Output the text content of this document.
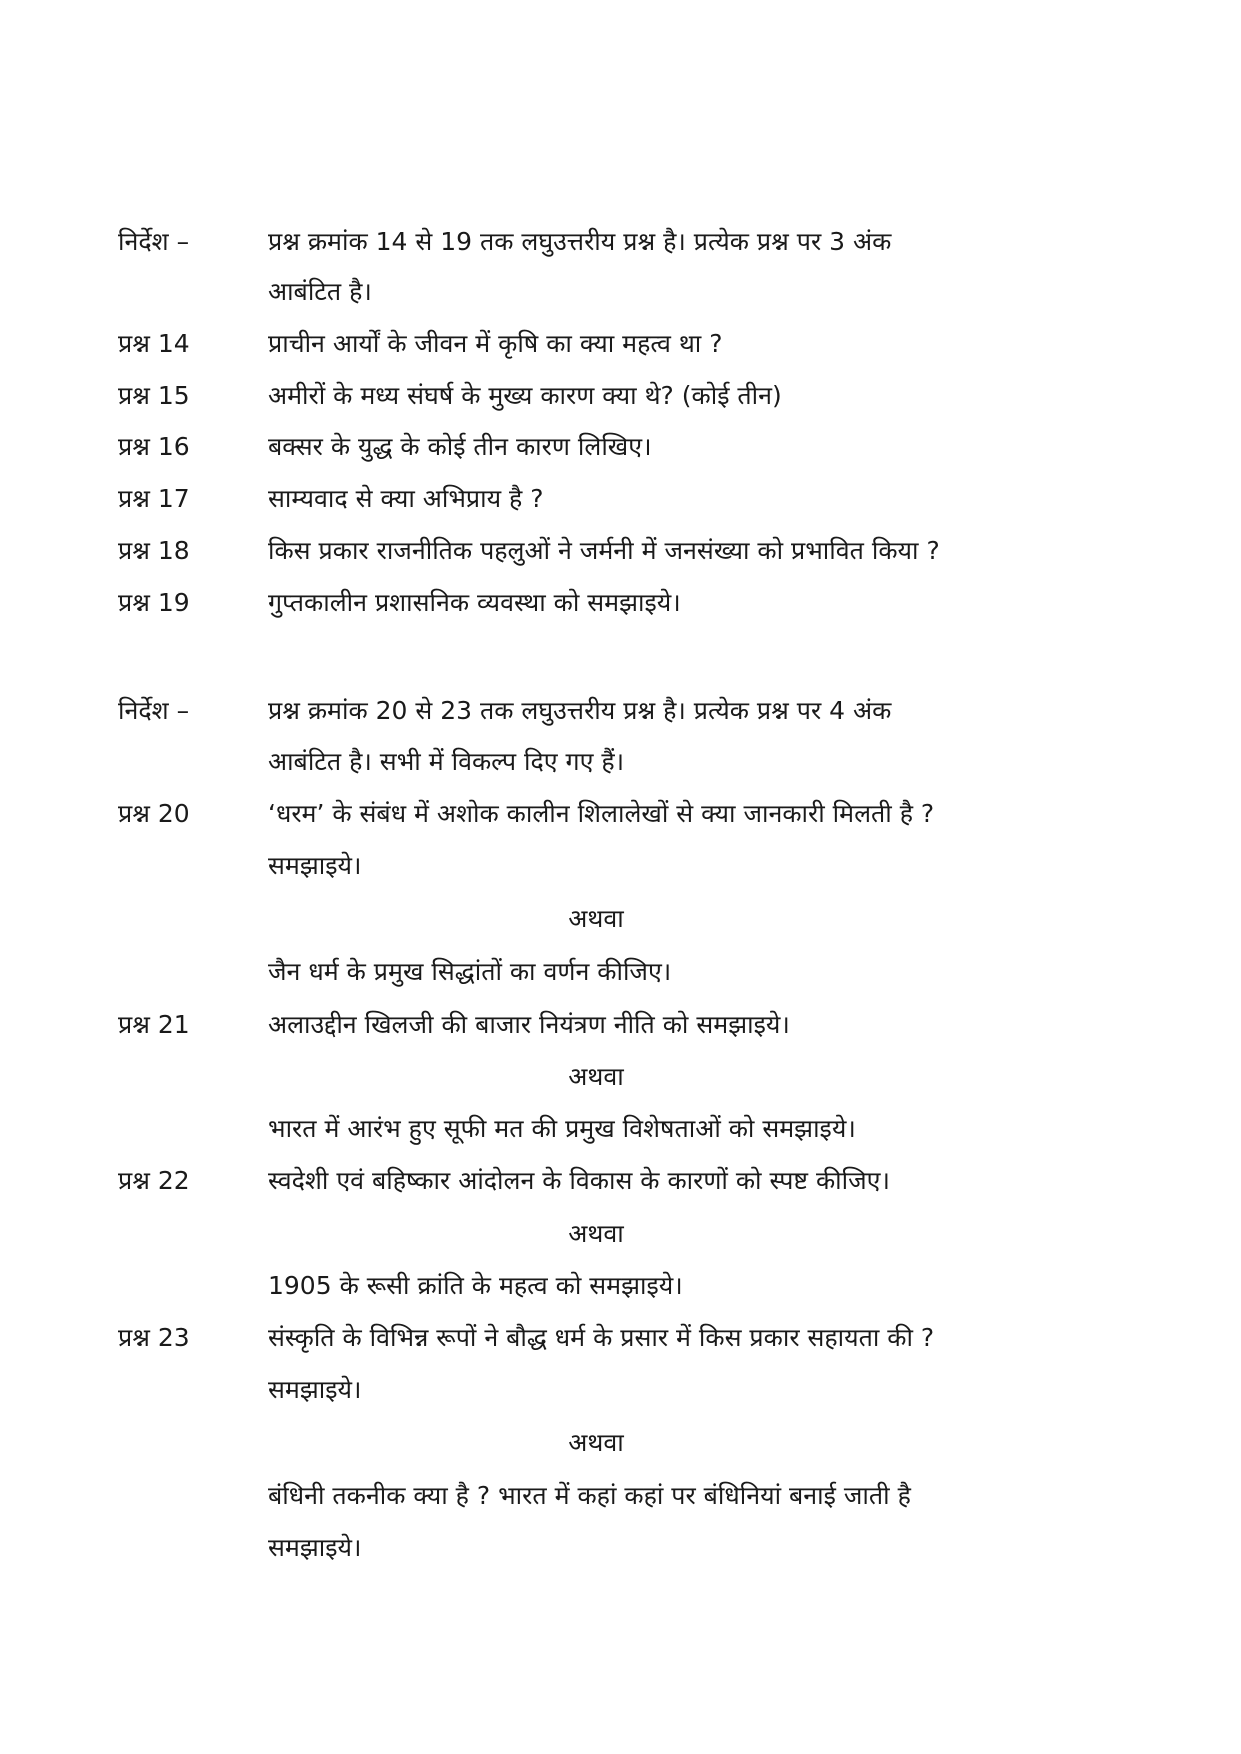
निर्देश –	प्रश्न क्रमांक 14 से 19 तक लघुउत्तरीय प्रश्न है। प्रत्येक प्रश्न पर 3 अंक
आबंटित है।
प्रश्न 14	प्राचीन आर्यों के जीवन में कृषि का क्या महत्व था ?
प्रश्न 15	अमीरों के मध्य संघर्ष के मुख्य कारण क्या थे? (कोई तीन)
प्रश्न 16	बक्सर के युद्ध के कोई तीन कारण लिखिए।
प्रश्न 17	साम्यवाद से क्या अभिप्राय है ?
प्रश्न 18	किस प्रकार राजनीतिक पहलुओं ने जर्मनी में जनसंख्या को प्रभावित किया ?
प्रश्न 19	गुप्तकालीन प्रशासनिक व्यवस्था को समझाइये।
निर्देश –	प्रश्न क्रमांक 20 से 23 तक लघुउत्तरीय प्रश्न है। प्रत्येक प्रश्न पर 4 अंक
आबंटित है। सभी में विकल्प दिए गए हैं।
प्रश्न 20	‘धरम’ के संबंध में अशोक कालीन शिलालेखों से क्या जानकारी मिलती है ?
समझाइये।
अथवा
जैन धर्म के प्रमुख सिद्धांतों का वर्णन कीजिए।
प्रश्न 21	अलाउद्दीन खिलजी की बाजार नियंत्रण नीति को समझाइये।
अथवा
भारत में आरंभ हुए सूफी मत की प्रमुख विशेषताओं को समझाइये।
प्रश्न 22	स्वदेशी एवं बहिष्कार आंदोलन के विकास के कारणों को स्पष्ट कीजिए।
अथवा
1905 के रूसी क्रांति के महत्व को समझाइये।
प्रश्न 23	संस्कृति के विभिन्न रूपों ने बौद्ध धर्म के प्रसार में किस प्रकार सहायता की ?
समझाइये।
अथवा
बंधिनी तकनीक क्या है ? भारत में कहां कहां पर बंधिनियां बनाई जाती है
समझाइये।
